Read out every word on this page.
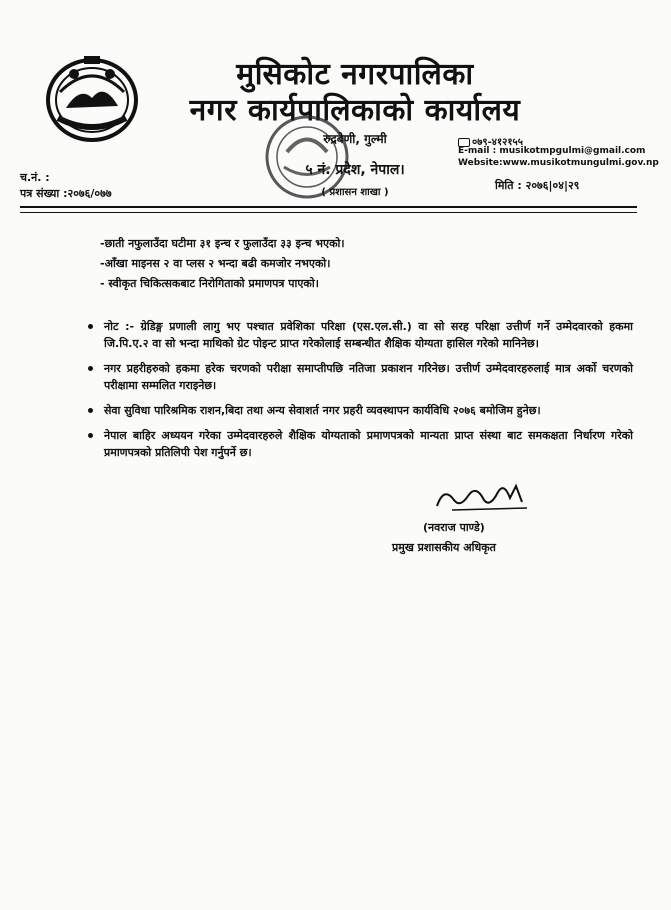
मुसिकोट नगरपालिका
नगर कार्यपालिकाको कार्यालय
रुद्रबेणी, गुल्मी
५ नं. प्रदेश, नेपाल।
( प्रशासन शाखा )
०७९-४१२१५५
E-mail : musikotmpgulmi@gmail.com
Website:www.musikotmungulmi.gov.np
च.नं. :
पत्र संख्या :२०७६/०७७
मिति : २०७६|०४|२९
-छाती नफुलाउँदा घटीमा ३१ इन्च र फुलाउँदा ३३ इन्च भएको।
-आँखा माइनस २ वा प्लस २ भन्दा बढी कमजोर नभएको।
- स्वीकृत चिकित्सकबाट निरोगिताको प्रमाणपत्र पाएको।
नोट :- ग्रेडिङ्ग प्रणाली लागु भए पश्चात प्रवेशिका परिक्षा (एस.एल.सी.) वा सो सरह परिक्षा उत्तीर्ण गर्ने उम्मेदवारको हकमा जि.पि.ए.२ वा सो भन्दा माथिको ग्रेट पोइन्ट प्राप्त गरेकोलाई सम्बन्धीत शैक्षिक योग्यता हासिल गरेको मानिनेछ।
नगर प्रहरीहरुको हकमा हरेक चरणको परीक्षा समाप्तीपछि नतिजा प्रकाशन गरिनेछ। उत्तीर्ण उम्मेदवारहरुलाई मात्र अर्को चरणको परीक्षामा सम्मलित गराइनेछ।
सेवा सुविधा पारिश्रमिक राशन,बिदा तथा अन्य सेवाशर्त नगर प्रहरी व्यवस्थापन कार्यविधि २०७६ बमोजिम हुनेछ।
नेपाल बाहिर अध्ययन गरेका उम्मेदवारहरुले शैक्षिक योग्यताको प्रमाणपत्रको मान्यता प्राप्त संस्था बाट समकक्षता निर्धारण गरेको प्रमाणपत्रको प्रतिलिपी पेश गर्नुपर्ने छ।
(नवराज पाण्डे)
प्रमुख प्रशासकीय अधिकृत
